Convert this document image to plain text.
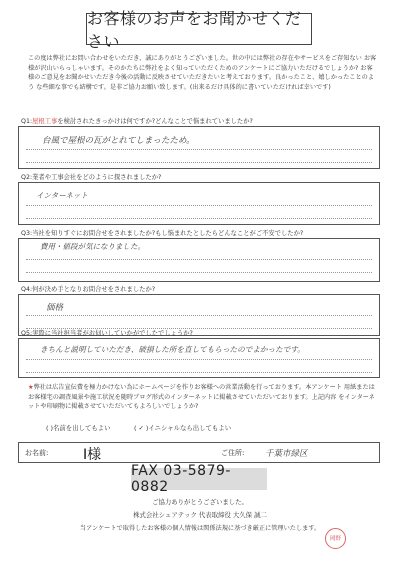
お客様のお声をお聞かせください
この度は弊社にお問い合わせをいただき、誠にありがとうございました。世の中には弊社の存在やサービスをご存知ない お客様が沢山いらっしゃいます。そのかたちに弊社をよく知っていただくためのアンケートにご協力いただけるでしょうか? お客 様のご意見をお聞かせいただき今後の活動に反映させていただきたいと考えております。良かったこと、嬉しかったことのよう な些細な事でも結構です。是非ご協力お願い致します。(出来るだけ具体的に書いていただければ幸いです)
Q1:屋根工事を検討されたきっかけは何ですか?どんなことで悩まれていましたか?
台風で屋根の瓦がとれてしまったため。
Q2:業者や工事会社をどのように探されましたか?
インターネット
Q3:当社を知りすぐにお問合せをされましたか?もし悩まれたとしたらどんなことがご不安でしたか?
費用・値段が気になりました。
Q4:何が決め手となりお問合せをされましたか?
価格
Q5:実際に当社担当者がお伺いしていかがでしたでしょうか?
きちんと説明していただき、破損した所を直してもらったのでよかったです。
★弊社は広告宣伝費を極力かけない為にホームページを作りお客様への営業活動を行っております。本アンケート 用紙またはお客様宅の調査風景や施工状況を随時ブログ形式のインターネットに掲載させていただいております。上記内容 をインターネットや印刷物に掲載させていただいてもよろしいでしょうか?
( )名前を出してもよい	( ✓ )イニシャルなら出してもよい
お名前: I様	ご住所: 千葉市緑区
FAX 03-5879-0882
ご協力ありがとうございました。
株式会社シェアテック 代表取締役 大久保 誠二
当アンケートで取得したお客様の個人情報は関係法規に基づき厳正に管理いたします。
岡野
